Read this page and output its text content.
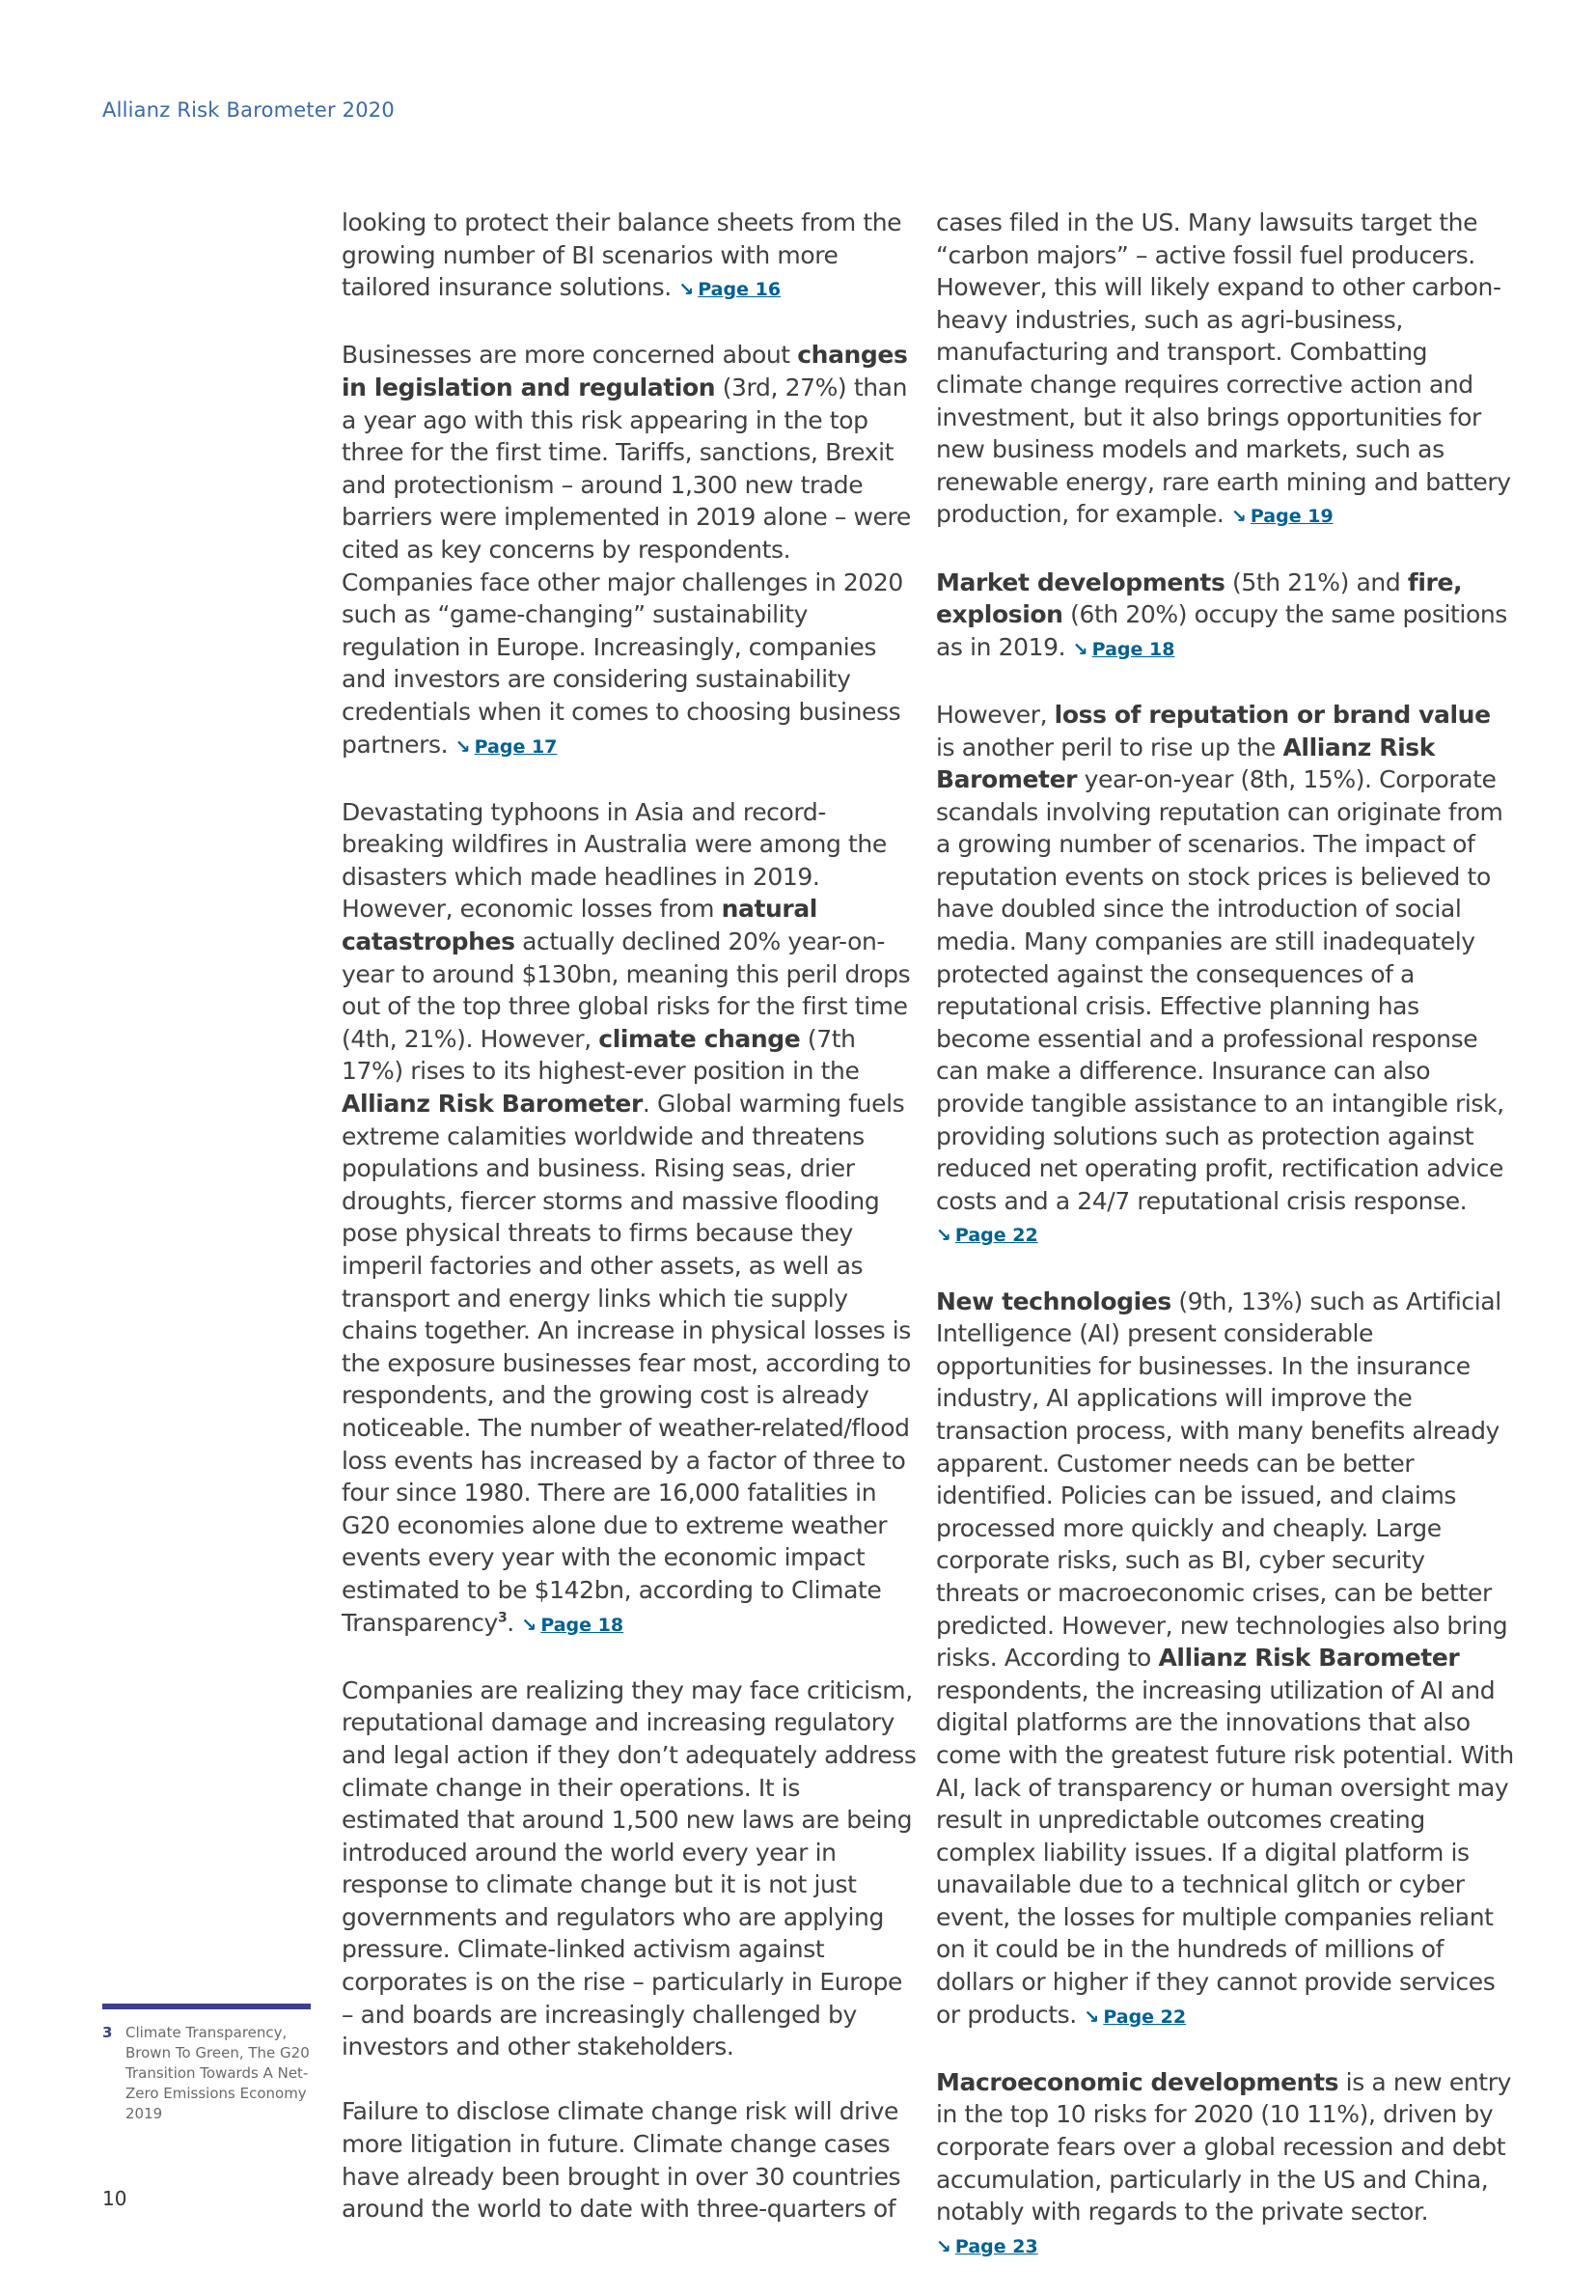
Allianz Risk Barometer 2020

looking to protect their balance sheets from the growing number of BI scenarios with more tailored insurance solutions. ↘ Page 16

Businesses are more concerned about changes in legislation and regulation (3rd, 27%) than a year ago with this risk appearing in the top three for the first time. Tariffs, sanctions, Brexit and protectionism – around 1,300 new trade barriers were implemented in 2019 alone – were cited as key concerns by respondents. Companies face other major challenges in 2020 such as “game-changing” sustainability regulation in Europe. Increasingly, companies and investors are considering sustainability credentials when it comes to choosing business partners. ↘ Page 17

Devastating typhoons in Asia and record-breaking wildfires in Australia were among the disasters which made headlines in 2019. However, economic losses from natural catastrophes actually declined 20% year-on-year to around $130bn, meaning this peril drops out of the top three global risks for the first time (4th, 21%). However, climate change (7th 17%) rises to its highest-ever position in the Allianz Risk Barometer. Global warming fuels extreme calamities worldwide and threatens populations and business. Rising seas, drier droughts, fiercer storms and massive flooding pose physical threats to firms because they imperil factories and other assets, as well as transport and energy links which tie supply chains together. An increase in physical losses is the exposure businesses fear most, according to respondents, and the growing cost is already noticeable. The number of weather-related/flood loss events has increased by a factor of three to four since 1980. There are 16,000 fatalities in G20 economies alone due to extreme weather events every year with the economic impact estimated to be $142bn, according to Climate Transparency$^3$. ↘ Page 18

Companies are realizing they may face criticism, reputational damage and increasing regulatory and legal action if they don’t adequately address climate change in their operations. It is estimated that around 1,500 new laws are being introduced around the world every year in response to climate change but it is not just governments and regulators who are applying pressure. Climate-linked activism against corporates is on the rise – particularly in Europe – and boards are increasingly challenged by investors and other stakeholders.

Failure to disclose climate change risk will drive more litigation in future. Climate change cases have already been brought in over 30 countries around the world to date with three-quarters of

cases filed in the US. Many lawsuits target the “carbon majors” – active fossil fuel producers. However, this will likely expand to other carbon-heavy industries, such as agri-business, manufacturing and transport. Combatting climate change requires corrective action and investment, but it also brings opportunities for new business models and markets, such as renewable energy, rare earth mining and battery production, for example. ↘ Page 19

Market developments (5th 21%) and fire, explosion (6th 20%) occupy the same positions as in 2019. ↘ Page 18

However, loss of reputation or brand value is another peril to rise up the Allianz Risk Barometer year-on-year (8th, 15%). Corporate scandals involving reputation can originate from a growing number of scenarios. The impact of reputation events on stock prices is believed to have doubled since the introduction of social media. Many companies are still inadequately protected against the consequences of a reputational crisis. Effective planning has become essential and a professional response can make a difference. Insurance can also provide tangible assistance to an intangible risk, providing solutions such as protection against reduced net operating profit, rectification advice costs and a 24/7 reputational crisis response. ↘ Page 22

New technologies (9th, 13%) such as Artificial Intelligence (AI) present considerable opportunities for businesses. In the insurance industry, AI applications will improve the transaction process, with many benefits already apparent. Customer needs can be better identified. Policies can be issued, and claims processed more quickly and cheaply. Large corporate risks, such as BI, cyber security threats or macroeconomic crises, can be better predicted. However, new technologies also bring risks. According to Allianz Risk Barometer respondents, the increasing utilization of AI and digital platforms are the innovations that also come with the greatest future risk potential. With AI, lack of transparency or human oversight may result in unpredictable outcomes creating complex liability issues. If a digital platform is unavailable due to a technical glitch or cyber event, the losses for multiple companies reliant on it could be in the hundreds of millions of dollars or higher if they cannot provide services or products. ↘ Page 22

Macroeconomic developments is a new entry in the top 10 risks for 2020 (10 11%), driven by corporate fears over a global recession and debt accumulation, particularly in the US and China, notably with regards to the private sector. ↘ Page 23

3 Climate Transparency, Brown To Green, The G20 Transition Towards A Net-Zero Emissions Economy 2019
10
